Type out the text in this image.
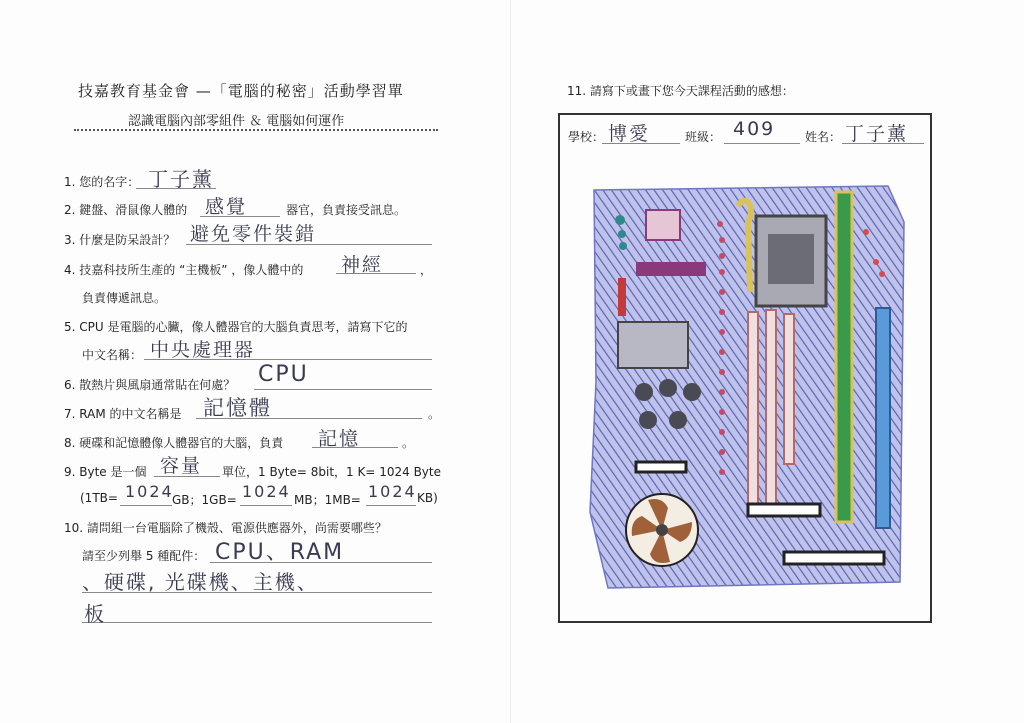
技嘉教育基金會 —「電腦的秘密」活動學習單
認識電腦內部零組件 ＆ 電腦如何運作
1. 您的名字： 丁子薰
2. 鍵盤、滑鼠像人體的 感覺	器官，負責接受訊息。
3. 什麼是防呆設計？ 避免零件裝錯
4. 技嘉科技所生產的 “主機板” ，像人體中的 神經	，
負責傳遞訊息。
5. CPU 是電腦的心臟，像人體器官的大腦負責思考，請寫下它的
中文名稱： 中央處理器
6. 散熱片與風扇通常貼在何處？ CPU
7. RAM 的中文名稱是 記憶體	。
8. 硬碟和記憶體像人體器官的大腦，負責 記憶	。
9. Byte 是一個 容量 單位，1 Byte= 8bit，1 K= 1024 Byte
(1TB= 1024
GB；1GB= 1024 MB；1MB= 1024 KB)
10. 請問組一台電腦除了機殼、電源供應器外，尚需要哪些？
請至少列舉 5 種配件： CPU、RAM
、硬碟, 光碟機、主機、
板
11. 請寫下或畫下您今天課程活動的感想：
學校： 博愛	班級： 409 姓名： 丁子薰
